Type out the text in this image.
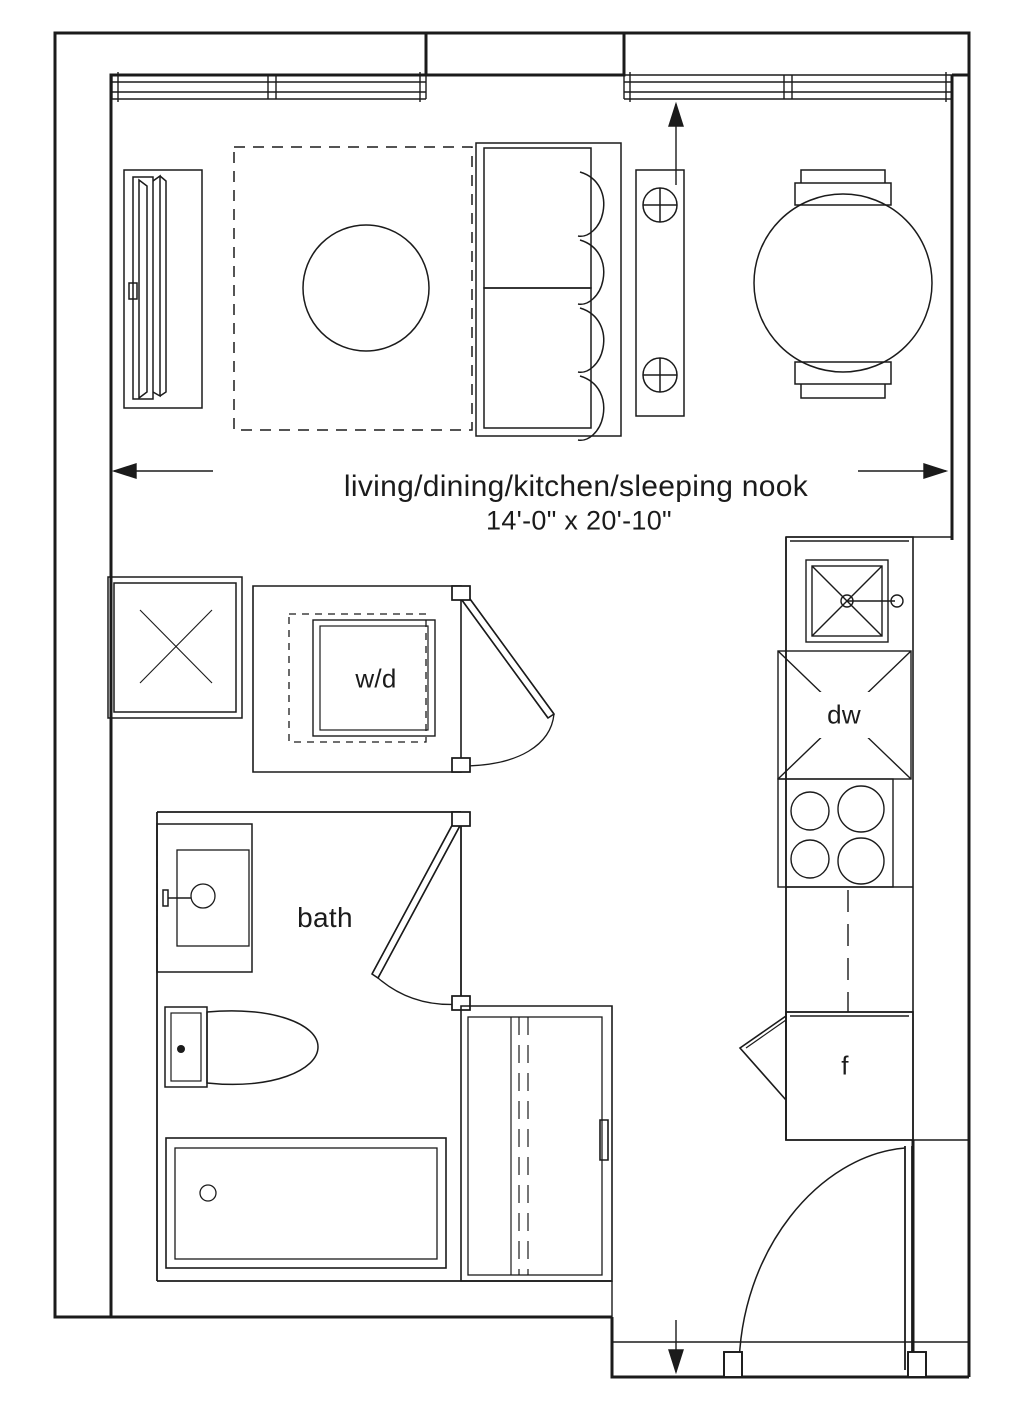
living/dining/kitchen/sleeping nook
14'-0" x 20'-10"
bath
w/d
dw
f
